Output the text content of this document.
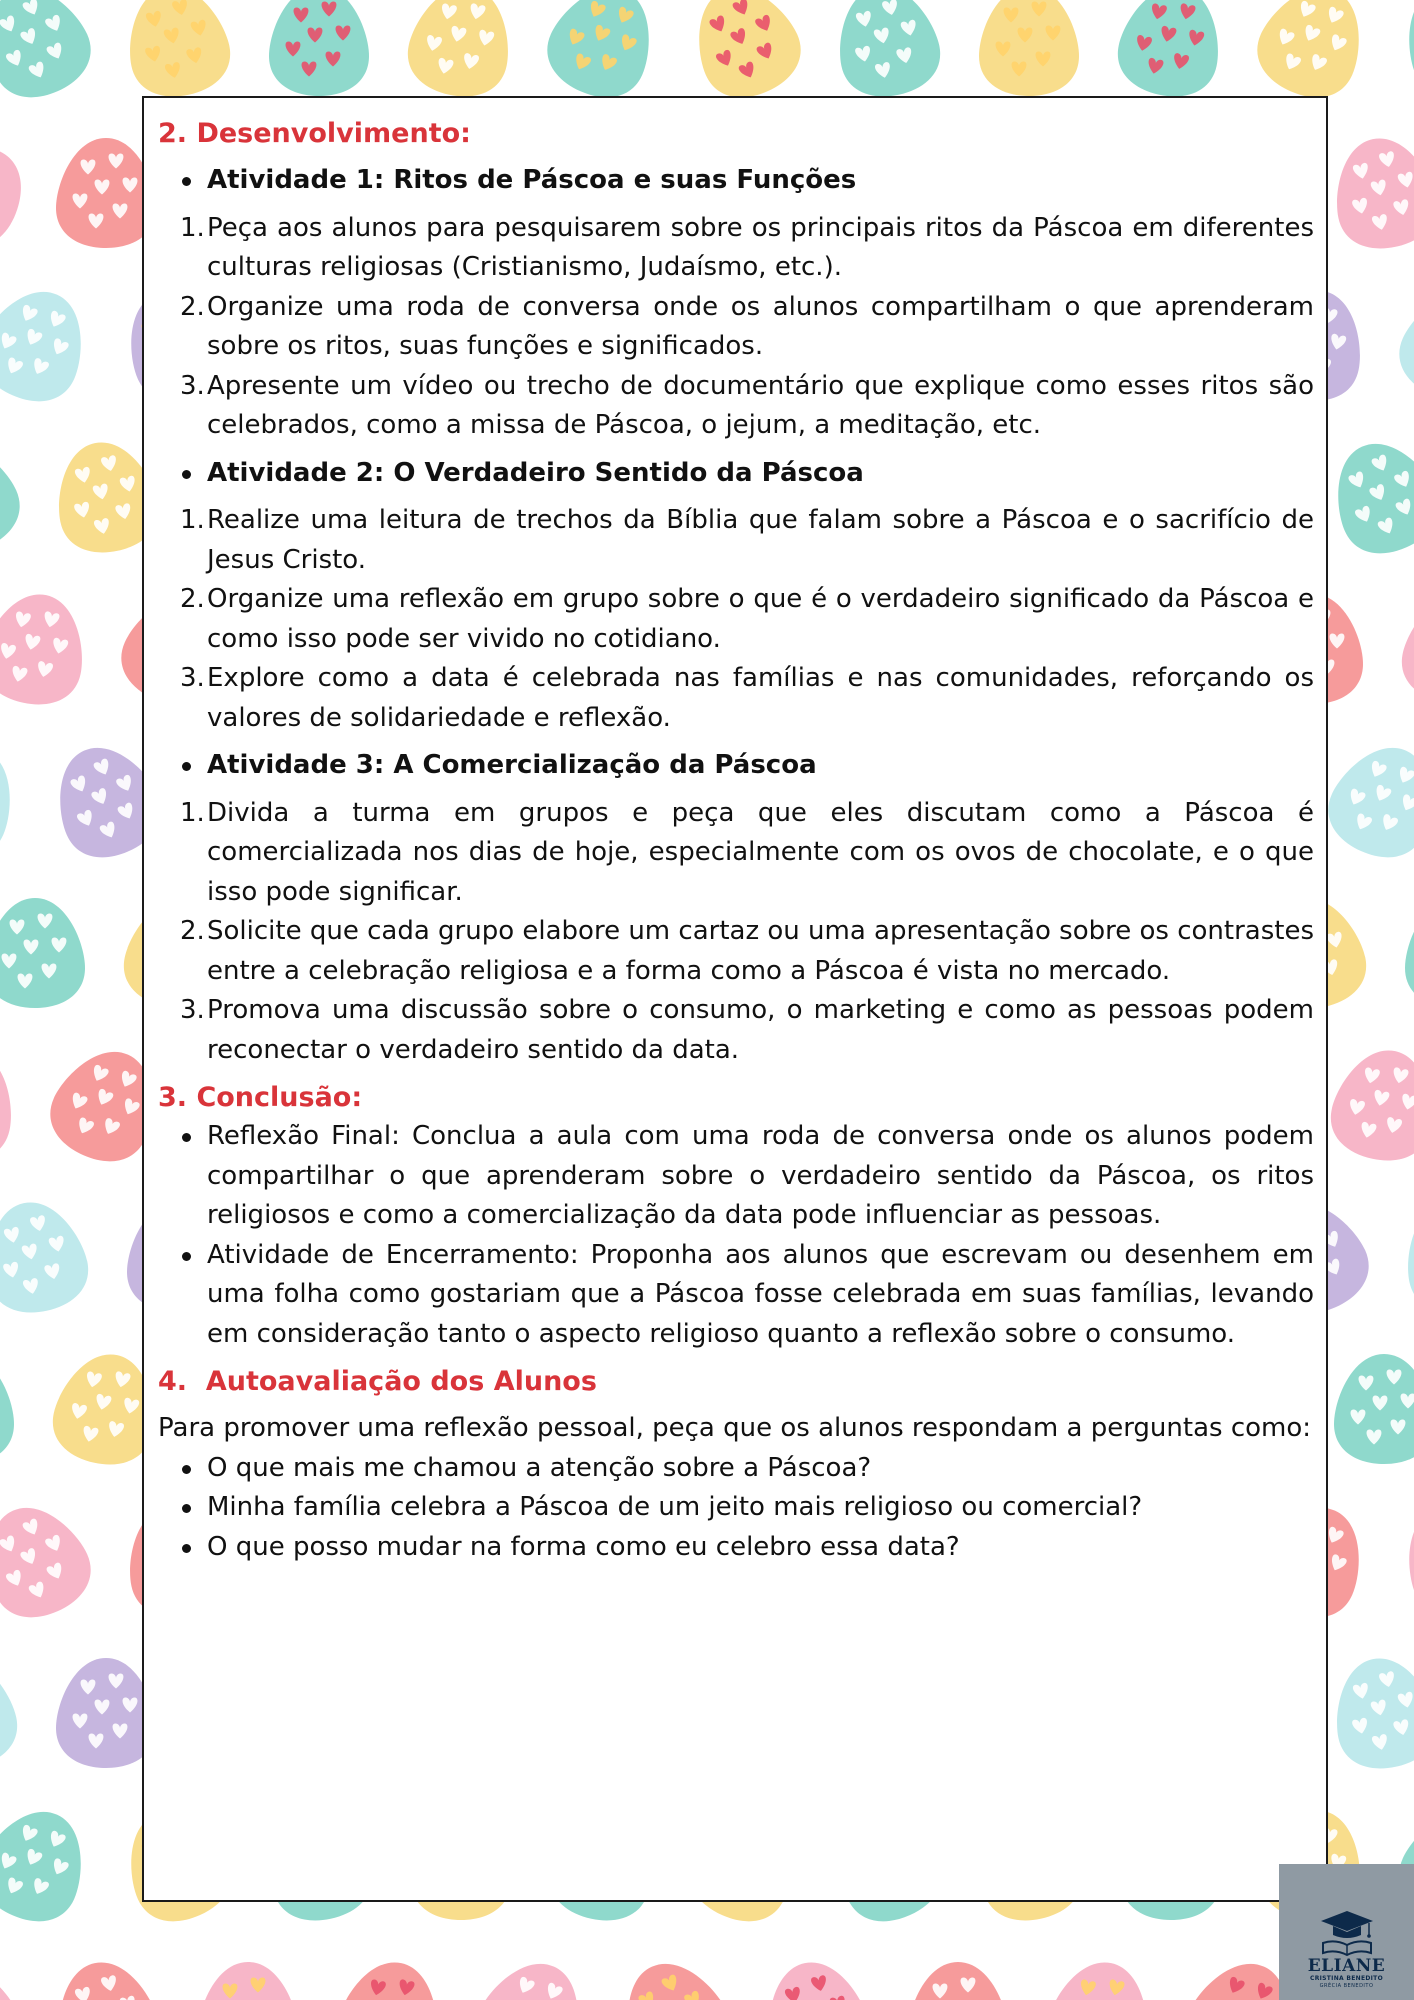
2. Desenvolvimento:
Atividade 1: Ritos de Páscoa e suas Funções
1. Peça aos alunos para pesquisarem sobre os principais ritos da Páscoa em diferentes culturas religiosas (Cristianismo, Judaísmo, etc.).
2. Organize uma roda de conversa onde os alunos compartilham o que aprenderam sobre os ritos, suas funções e significados.
3. Apresente um vídeo ou trecho de documentário que explique como esses ritos são celebrados, como a missa de Páscoa, o jejum, a meditação, etc.
Atividade 2: O Verdadeiro Sentido da Páscoa
1. Realize uma leitura de trechos da Bíblia que falam sobre a Páscoa e o sacrifício de Jesus Cristo.
2. Organize uma reflexão em grupo sobre o que é o verdadeiro significado da Páscoa e como isso pode ser vivido no cotidiano.
3. Explore como a data é celebrada nas famílias e nas comunidades, reforçando os valores de solidariedade e reflexão.
Atividade 3: A Comercialização da Páscoa
1. Divida a turma em grupos e peça que eles discutam como a Páscoa é comercializada nos dias de hoje, especialmente com os ovos de chocolate, e o que isso pode significar.
2. Solicite que cada grupo elabore um cartaz ou uma apresentação sobre os contrastes entre a celebração religiosa e a forma como a Páscoa é vista no mercado.
3. Promova uma discussão sobre o consumo, o marketing e como as pessoas podem reconectar o verdadeiro sentido da data.
3. Conclusão:
Reflexão Final: Conclua a aula com uma roda de conversa onde os alunos podem compartilhar o que aprenderam sobre o verdadeiro sentido da Páscoa, os ritos religiosos e como a comercialização da data pode influenciar as pessoas.
Atividade de Encerramento: Proponha aos alunos que escrevam ou desenhem em uma folha como gostariam que a Páscoa fosse celebrada em suas famílias, levando em consideração tanto o aspecto religioso quanto a reflexão sobre o consumo.
4.  Autoavaliação dos Alunos

Para promover uma reflexão pessoal, peça que os alunos respondam a perguntas como:

O que mais me chamou a atenção sobre a Páscoa?
Minha família celebra a Páscoa de um jeito mais religioso ou comercial?
O que posso mudar na forma como eu celebro essa data?
ELIANE
CRISTINA BENEDITO
GRÉCIA BENEDITO
